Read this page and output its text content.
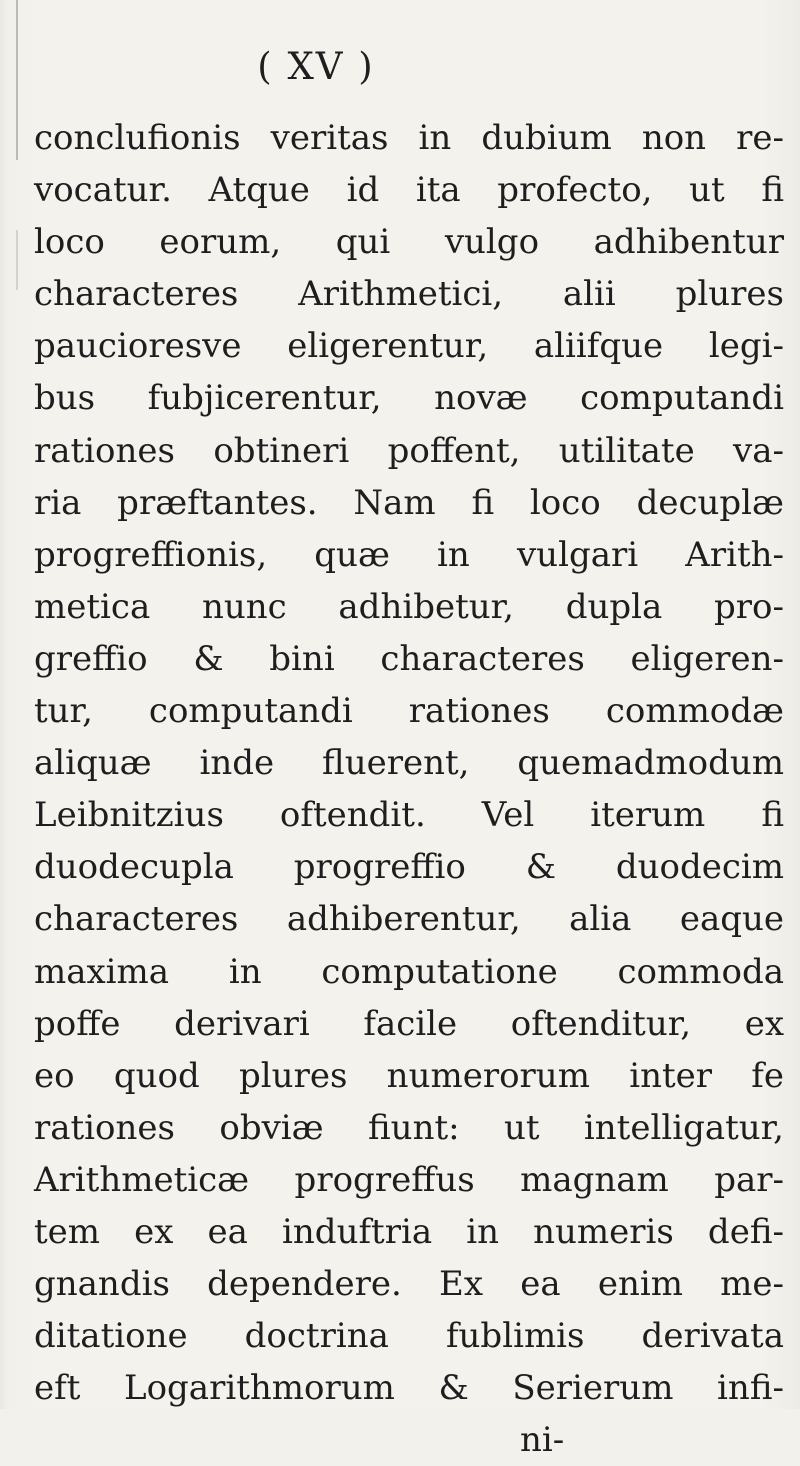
( XV )
conclufionis veritas in dubium non re-
vocatur. Atque id ita profecto, ut fi
loco eorum, qui vulgo adhibentur
characteres Arithmetici, alii plures
paucioresve eligerentur, aliifque legi-
bus fubjicerentur, novæ computandi
rationes obtineri poffent, utilitate va-
ria præftantes. Nam fi loco decuplæ
progreffionis, quæ in vulgari Arith-
metica nunc adhibetur, dupla pro-
greffio & bini characteres eligeren-
tur, computandi rationes commodæ
aliquæ inde fluerent, quemadmodum
Leibnitzius oftendit. Vel iterum fi
duodecupla progreffio & duodecim
characteres adhiberentur, alia eaque
maxima in computatione commoda
poffe derivari facile oftenditur, ex
eo quod plures numerorum inter fe
rationes obviæ fiunt: ut intelligatur,
Arithmeticæ progreffus magnam par-
tem ex ea induftria in numeris defi-
gnandis dependere. Ex ea enim me-
ditatione doctrina fublimis derivata
eft Logarithmorum & Serierum infi-
ni-
